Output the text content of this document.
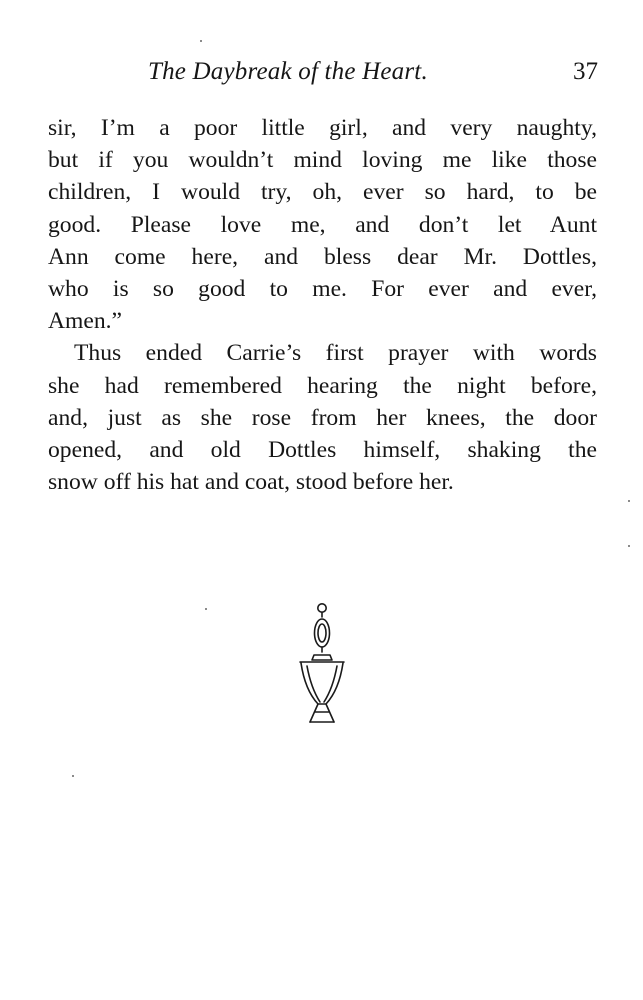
The Daybreak of the Heart.	37
sir, I’m a poor little girl, and very naughty,
but if you wouldn’t mind loving me like those
children, I would try, oh, ever so hard, to be
good. Please love me, and don’t let Aunt
Ann come here, and bless dear Mr. Dottles,
who is so good to me. For ever and ever,
Amen.”
Thus ended Carrie’s first prayer with words
she had remembered hearing the night before,
and, just as she rose from her knees, the door
opened, and old Dottles himself, shaking the
snow off his hat and coat, stood before her.
